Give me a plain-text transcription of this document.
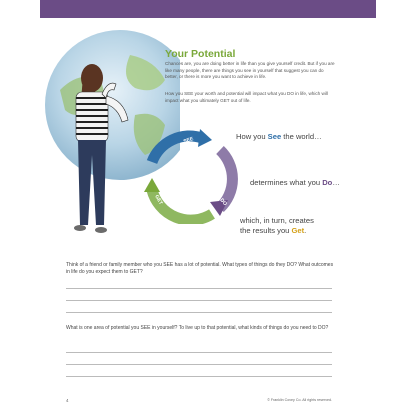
Your Potential
Chances are, you are doing better in life than you give yourself credit. But if you are like many people, there are things you see in yourself that suggest you can do better, or there is more you want to achieve in life.
How you SEE your worth and potential will impact what you DO in life, which will impact what you ultimately GET out of life.
SEE
DO
GET
How you See the world…
determines what you Do…
which, in turn, creates
the results you Get.
Think of a friend or family member who you SEE has a lot of potential. What types of things do they DO? What outcomes in life do you expect them to GET?
What is one area of potential you SEE in yourself? To live up to that potential, what kinds of things do you need to DO?
4	© Franklin Covey Co. All rights reserved.
